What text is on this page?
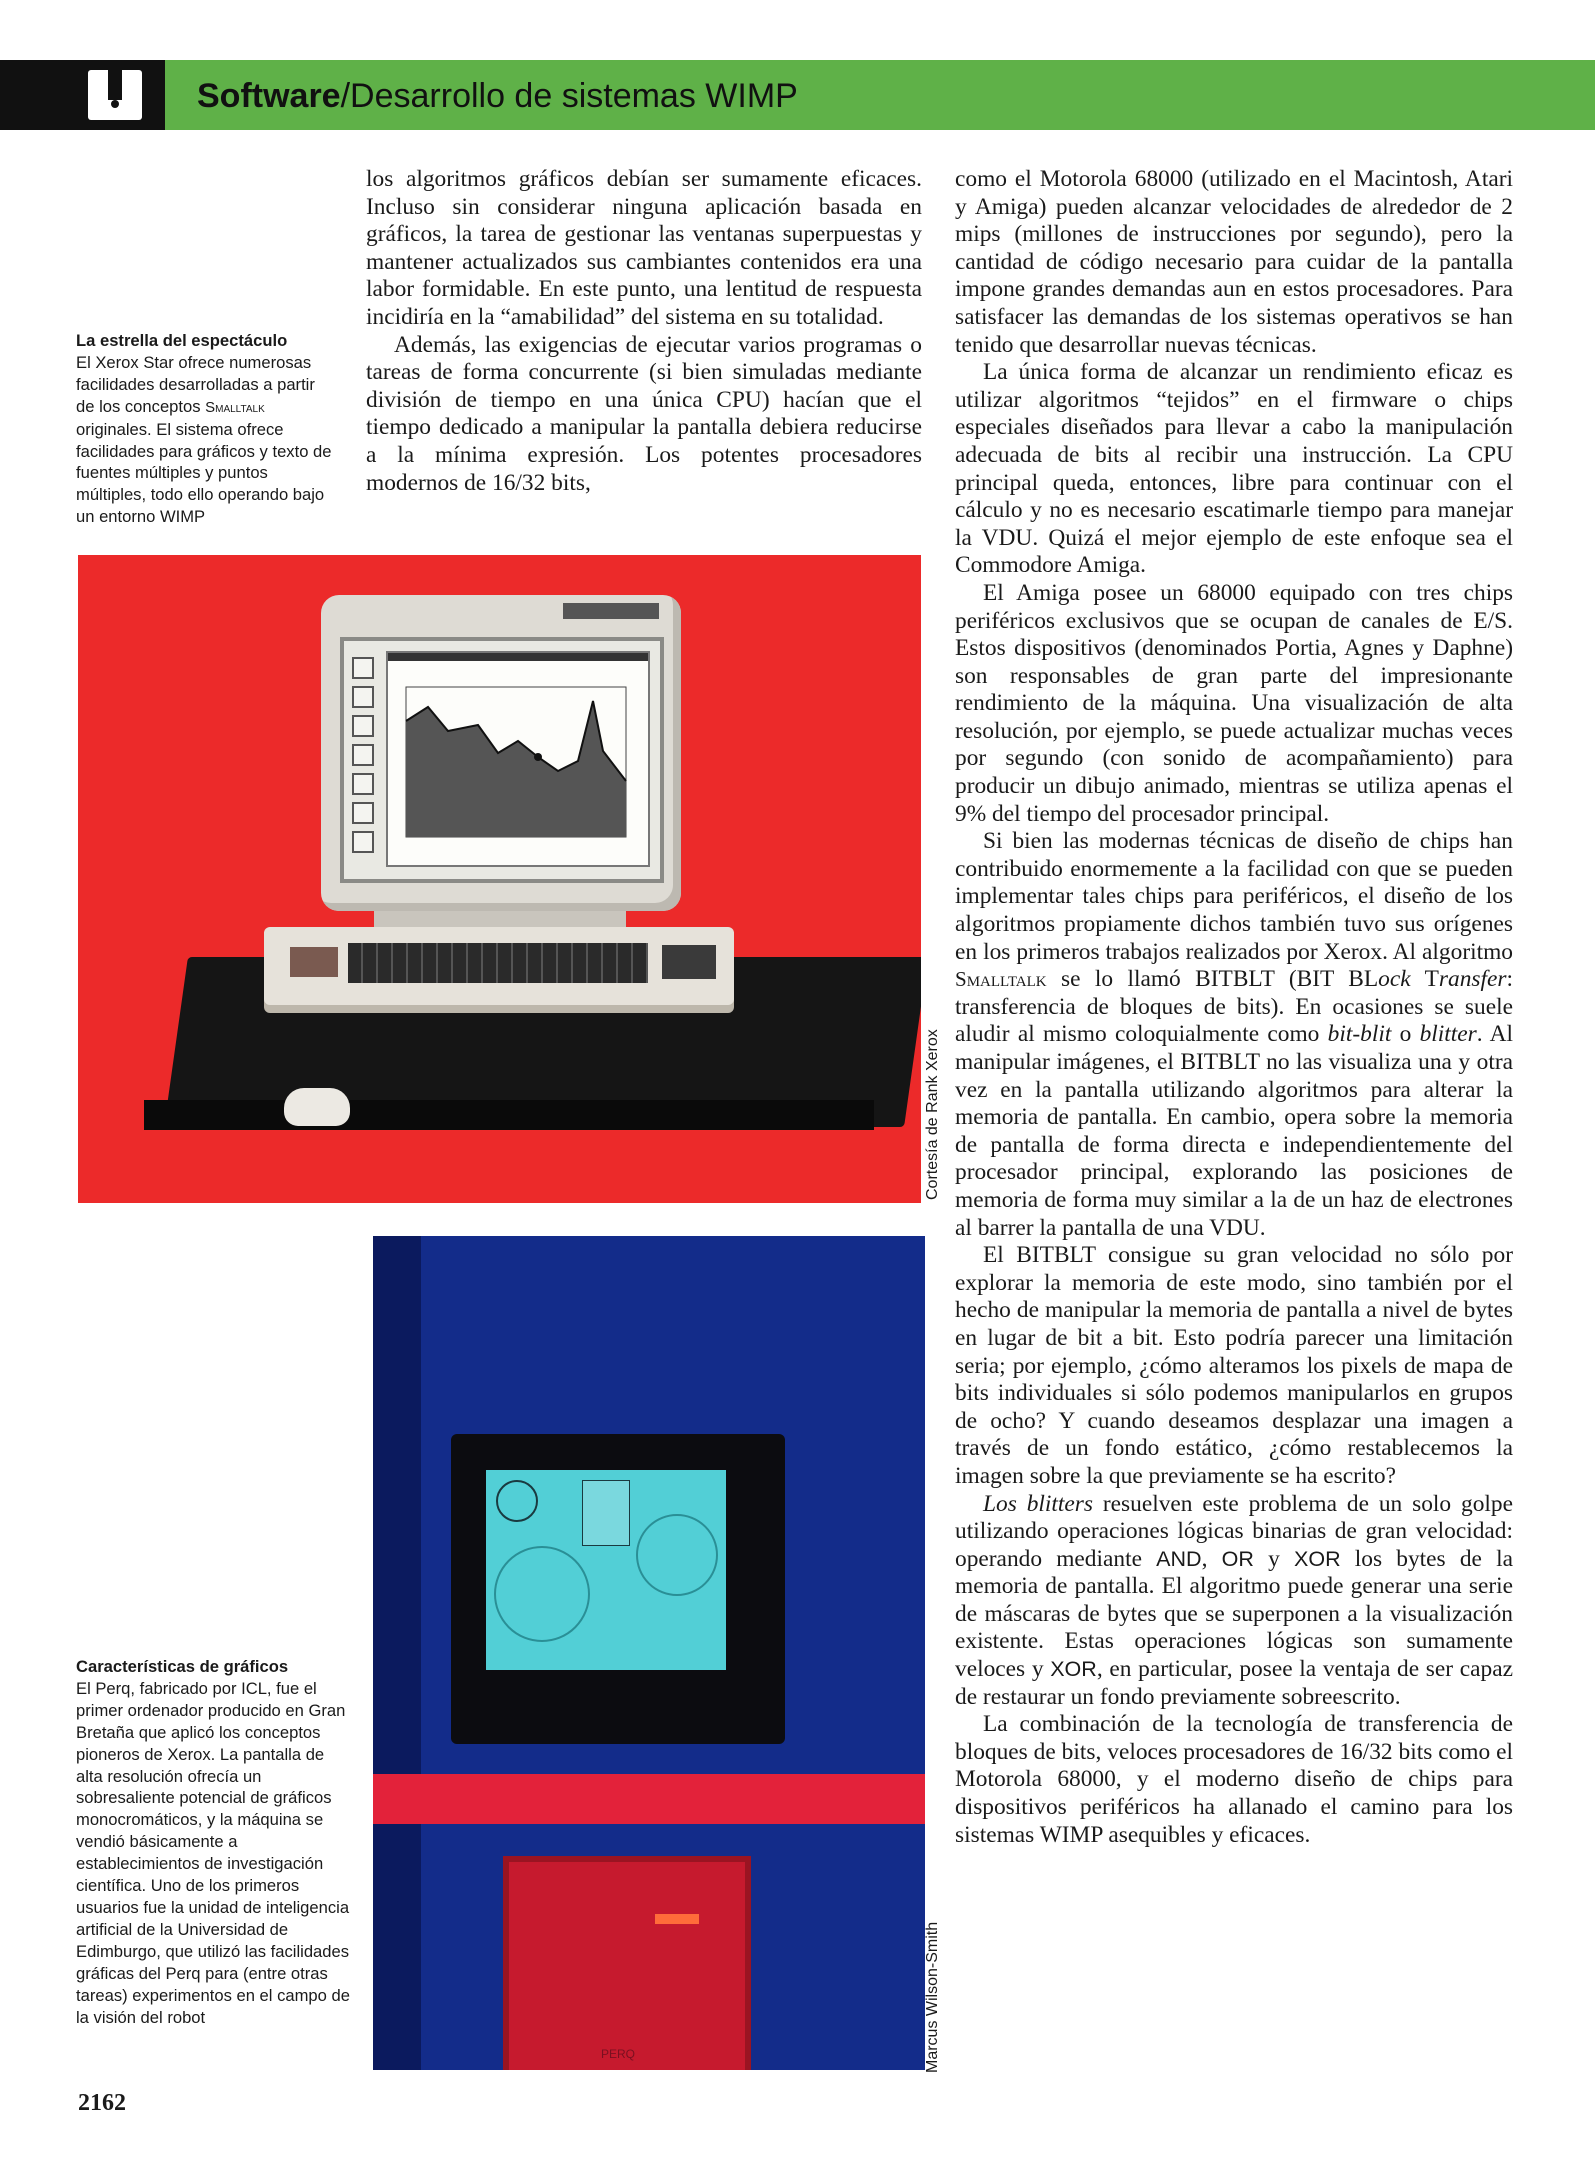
Software/Desarrollo de sistemas WIMP
La estrella del espectáculo
El Xerox Star ofrece numerosas facilidades desarrolladas a partir de los conceptos Smalltalk originales. El sistema ofrece facilidades para gráficos y texto de fuentes múltiples y puntos múltiples, todo ello operando bajo un entorno WIMP

los algoritmos gráficos debían ser sumamente eficaces. Incluso sin considerar ninguna aplicación basada en gráficos, la tarea de gestionar las ventanas superpuestas y mantener actualizados sus cambiantes contenidos era una labor formidable. En este punto, una lentitud de respuesta incidiría en la “amabilidad” del sistema en su totalidad.

Además, las exigencias de ejecutar varios programas o tareas de forma concurrente (si bien simuladas mediante división de tiempo en una única CPU) hacían que el tiempo dedicado a manipular la pantalla debiera reducirse a la mínima expresión. Los potentes procesadores modernos de 16/32 bits,

Cortesía de Rank Xerox
PERQ	Marcus Wilson-Smith
Características de gráficos
El Perq, fabricado por ICL, fue el primer ordenador producido en Gran Bretaña que aplicó los conceptos pioneros de Xerox. La pantalla de alta resolución ofrecía un sobresaliente potencial de gráficos monocromáticos, y la máquina se vendió básicamente a establecimientos de investigación científica. Uno de los primeros usuarios fue la unidad de inteligencia artificial de la Universidad de Edimburgo, que utilizó las facilidades gráficas del Perq para (entre otras tareas) experimentos en el campo de la visión del robot

como el Motorola 68000 (utilizado en el Macintosh, Atari y Amiga) pueden alcanzar velocidades de alrededor de 2 mips (millones de instrucciones por segundo), pero la cantidad de código necesario para cuidar de la pantalla impone grandes demandas aun en estos procesadores. Para satisfacer las demandas de los sistemas operativos se han tenido que desarrollar nuevas técnicas.

La única forma de alcanzar un rendimiento eficaz es utilizar algoritmos “tejidos” en el firmware o chips especiales diseñados para llevar a cabo la manipulación adecuada de bits al recibir una instrucción. La CPU principal queda, entonces, libre para continuar con el cálculo y no es necesario escatimarle tiempo para manejar la VDU. Quizá el mejor ejemplo de este enfoque sea el Commodore Amiga.

El Amiga posee un 68000 equipado con tres chips periféricos exclusivos que se ocupan de canales de E/S. Estos dispositivos (denominados Portia, Agnes y Daphne) son responsables de gran parte del impresionante rendimiento de la máquina. Una visualización de alta resolución, por ejemplo, se puede actualizar muchas veces por segundo (con sonido de acompañamiento) para producir un dibujo animado, mientras se utiliza apenas el 9% del tiempo del procesador principal.

Si bien las modernas técnicas de diseño de chips han contribuido enormemente a la facilidad con que se pueden implementar tales chips para periféricos, el diseño de los algoritmos propiamente dichos también tuvo sus orígenes en los primeros trabajos realizados por Xerox. Al algoritmo Smalltalk se lo llamó BITBLT (BIT BLock Transfer: transferencia de bloques de bits). En ocasiones se suele aludir al mismo coloquialmente como bit-blit o blitter. Al manipular imágenes, el BITBLT no las visualiza una y otra vez en la pantalla utilizando algoritmos para alterar la memoria de pantalla. En cambio, opera sobre la memoria de pantalla de forma directa e independientemente del procesador principal, explorando las posiciones de memoria de forma muy similar a la de un haz de electrones al barrer la pantalla de una VDU.

El BITBLT consigue su gran velocidad no sólo por explorar la memoria de este modo, sino también por el hecho de manipular la memoria de pantalla a nivel de bytes en lugar de bit a bit. Esto podría parecer una limitación seria; por ejemplo, ¿cómo alteramos los pixels de mapa de bits individuales si sólo podemos manipularlos en grupos de ocho? Y cuando deseamos desplazar una imagen a través de un fondo estático, ¿cómo restablecemos la imagen sobre la que previamente se ha escrito?

Los blitters resuelven este problema de un solo golpe utilizando operaciones lógicas binarias de gran velocidad: operando mediante AND, OR y XOR los bytes de la memoria de pantalla. El algoritmo puede generar una serie de máscaras de bytes que se superponen a la visualización existente. Estas operaciones lógicas son sumamente veloces y XOR, en particular, posee la ventaja de ser capaz de restaurar un fondo previamente sobreescrito.

La combinación de la tecnología de transferencia de bloques de bits, veloces procesadores de 16/32 bits como el Motorola 68000, y el moderno diseño de chips para dispositivos periféricos ha allanado el camino para los sistemas WIMP asequibles y eficaces.

2162
